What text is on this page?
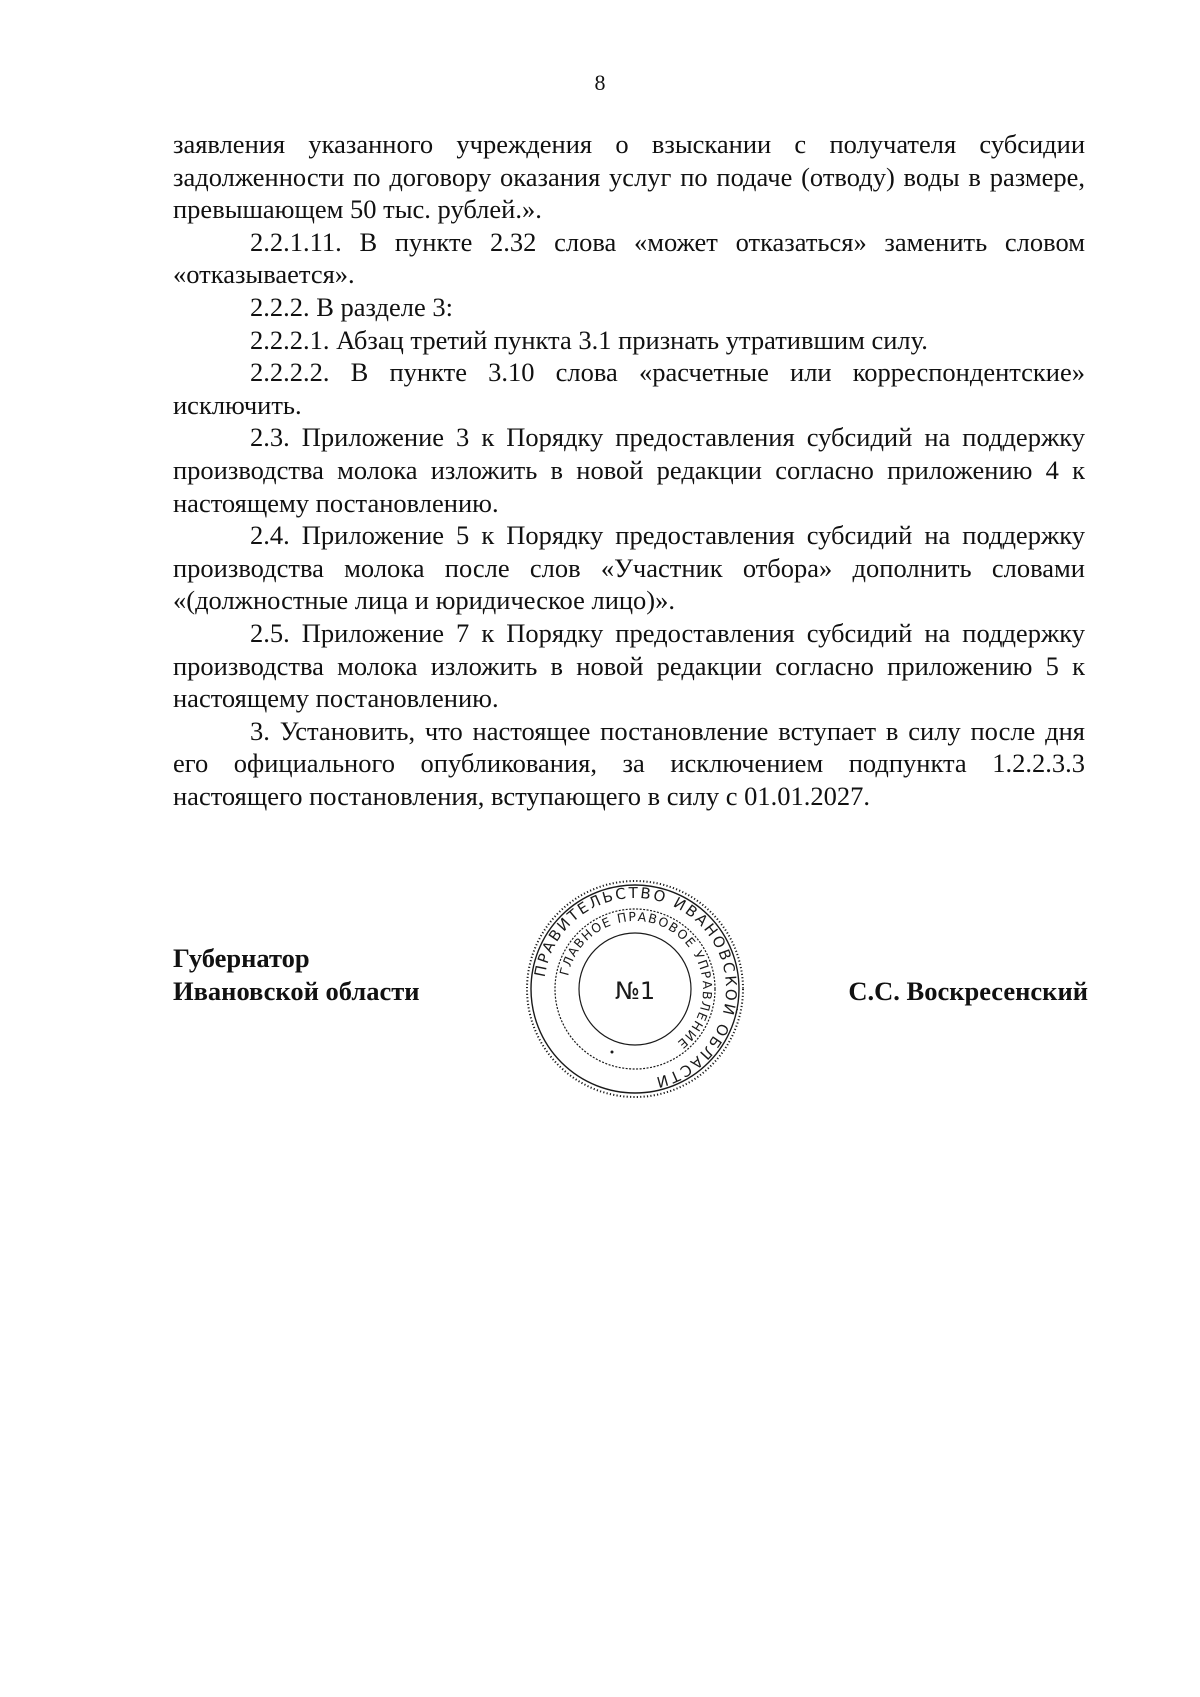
8

заявления указанного учреждения о взыскании с получателя субсидии задолженности по договору оказания услуг по подаче (отводу) воды в размере, превышающем 50 тыс. рублей.».

2.2.1.11. В пункте 2.32 слова «может отказаться» заменить словом «отказывается».

2.2.2. В разделе 3:

2.2.2.1. Абзац третий пункта 3.1 признать утратившим силу.

2.2.2.2. В пункте 3.10 слова «расчетные или корреспондентские» исключить.

2.3. Приложение 3 к Порядку предоставления субсидий на поддержку производства молока изложить в новой редакции согласно приложению 4 к настоящему постановлению.

2.4. Приложение 5 к Порядку предоставления субсидий на поддержку производства молока после слов «Участник отбора» дополнить словами «(должностные лица и юридическое лицо)».

2.5. Приложение 7 к Порядку предоставления субсидий на поддержку производства молока изложить в новой редакции согласно приложению 5 к настоящему постановлению.

3. Установить, что настоящее постановление вступает в силу после дня его официального опубликования, за исключением подпункта 1.2.2.3.3 настоящего постановления, вступающего в силу с 01.01.2027.

Губернатор
Ивановской области	С.С. Воскресенский
ПРАВИТЕЛЬСТВО ИВАНОВСКОЙ ОБЛАСТИ
ГЛАВНОЕ ПРАВОВОЕ УПРАВЛЕНИЕ
№1
